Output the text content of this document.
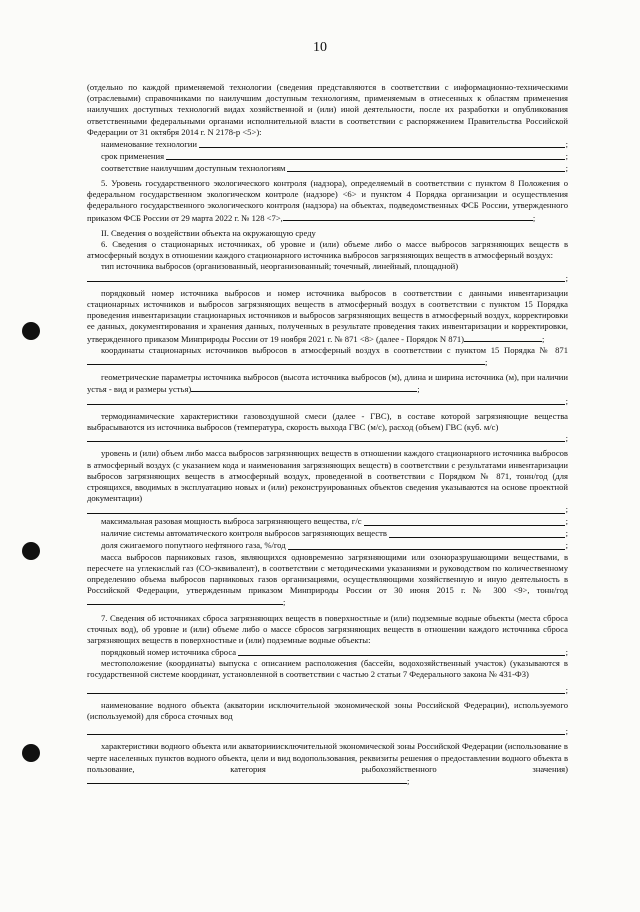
10

(отдельно по каждой применяемой технологии (сведения представляются в соответствии с информационно-техническими (отраслевыми) справочниками по наилучшим доступным технологиям, применяемым в отнесенных к областям применения наилучших доступных технологий видах хозяйственной и (или) иной деятельности, после их разработки и опубликования ответственными федеральными органами исполнительной власти в соответствии с распоряжением Правительства Российской Федерации от 31 октября 2014 г. N 2178-р <5>):

наименование технологии	;

срок применения	;

соответствие наилучшим доступным технологиям	;

5. Уровень государственного экологического контроля (надзора), определяемый в соответствии с пунктом 8 Положения о федеральном государственном экологическом контроле (надзоре) <6> и пунктом 4 Порядка организации и осуществления федерального государственного экологического контроля (надзора) на объектах, подведомственных ФСБ России, утвержденного приказом ФСБ России от 29 марта 2022 г. № 128 <7>,	;

II. Сведения о воздействии объекта на окружающую среду

6. Сведения о стационарных источниках, об уровне и (или) объеме либо о массе выбросов загрязняющих веществ в атмосферный воздух в отношении каждого стационарного источника выбросов загрязняющих веществ в атмосферный воздух:

тип источника выбросов (организованный, неорганизованный; точечный, линейный, площадной)

;

порядковый номер источника выбросов и номер источника выбросов в соответствии с данными инвентаризации стационарных источников и выбросов загрязняющих веществ в атмосферный воздух в соответствии с пунктом 15 Порядка проведения инвентаризации стационарных источников и выбросов загрязняющих веществ в атмосферный воздух, корректировки ее данных, документирования и хранения данных, полученных в результате проведения таких инвентаризации и корректировки, утвержденного приказом Минприроды России от 19 ноября 2021 г. № 871 <8> (далее - Порядок N 871)	;

координаты стационарных источников выбросов в атмосферный воздух в соответствии с пунктом 15 Порядка № 871;

геометрические параметры источника выбросов (высота источника выбросов (м), длина и ширина источника (м), при наличии устья - вид и размеры устья)	;

;

термодинамические характеристики газовоздушной смеси (далее - ГВС), в составе которой загрязняющие вещества выбрасываются из источника выбросов (температура, скорость выхода ГВС (м/с), расход (объем) ГВС (куб. м/с)

;

уровень и (или) объем либо масса выбросов загрязняющих веществ в отношении каждого стационарного источника выбросов в атмосферный воздух (с указанием кода и наименования загрязняющих веществ) в соответствии с результатами инвентаризации выбросов загрязняющих веществ в атмосферный воздух, проведенной в соответствии с Порядком № 871, тонн/год (для строящихся, вводимых в эксплуатацию новых и (или) реконструированных объектов сведения указываются на основе проектной документации)

;

максимальная разовая мощность выброса загрязняющего вещества, г/с	;

наличие системы автоматического контроля выбросов загрязняющих веществ	;

доля сжигаемого попутного нефтяного газа, %/год	;

масса выбросов парниковых газов, являющихся одновременно загрязняющими или озоноразрушающими веществами, в пересчете на углекислый газ (СО-эквивалент), в соответствии с методическими указаниями и руководством по количественному определению объема выбросов парниковых газов организациями, осуществляющими хозяйственную и иную деятельность в Российской Федерации, утвержденным приказом Минприроды России от 30 июня 2015 г. № 300 <9>, тонн/год;

7. Сведения об источниках сброса загрязняющих веществ в поверхностные и (или) подземные водные объекты (места сброса сточных вод), об уровне и (или) объеме либо о массе сбросов загрязняющих веществ в отношении каждого источника сброса загрязняющих веществ в поверхностные и (или) подземные водные объекты:

порядковый номер источника сброса	;

местоположение (координаты) выпуска с описанием расположения (бассейн, водохозяйственный участок) (указываются в государственной системе координат, установленной в соответствии с частью 2 статьи 7 Федерального закона № 431-ФЗ)

;

наименование водного объекта (акватории исключительной экономической зоны Российской Федерации), используемого (используемой) для сброса сточных вод

;

характеристики водного объекта или акваторииисключительной экономической зоны Российской Федерации (использование в черте населенных пунктов водного объекта, цели и вид водопользования, реквизиты решения о предоставлении водного объекта в пользование, категория рыбохозяйственного значения);
